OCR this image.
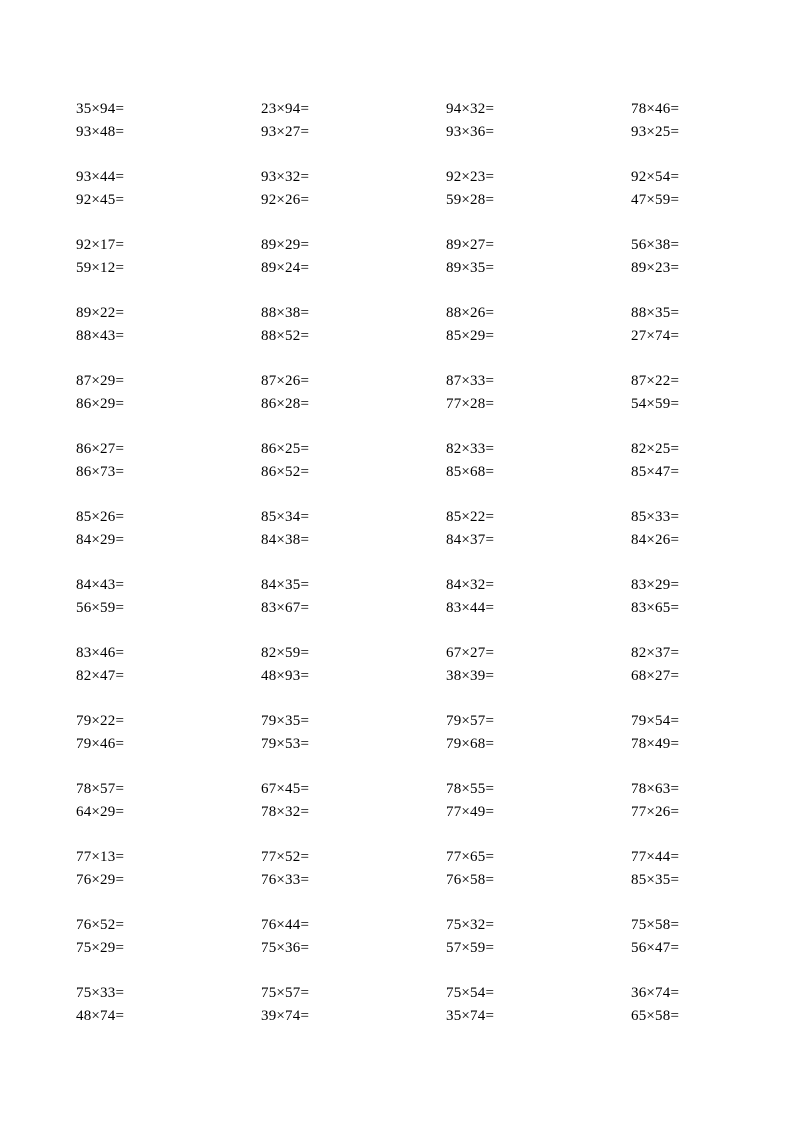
35×94=	23×94=	94×32=	78×46=
93×48=	93×27=	93×36=	93×25=
93×44=	93×32=	92×23=	92×54=
92×45=	92×26=	59×28=	47×59=
92×17=	89×29=	89×27=	56×38=
59×12=	89×24=	89×35=	89×23=
89×22=	88×38=	88×26=	88×35=
88×43=	88×52=	85×29=	27×74=
87×29=	87×26=	87×33=	87×22=
86×29=	86×28=	77×28=	54×59=
86×27=	86×25=	82×33=	82×25=
86×73=	86×52=	85×68=	85×47=
85×26=	85×34=	85×22=	85×33=
84×29=	84×38=	84×37=	84×26=
84×43=	84×35=	84×32=	83×29=
56×59=	83×67=	83×44=	83×65=
83×46=	82×59=	67×27=	82×37=
82×47=	48×93=	38×39=	68×27=
79×22=	79×35=	79×57=	79×54=
79×46=	79×53=	79×68=	78×49=
78×57=	67×45=	78×55=	78×63=
64×29=	78×32=	77×49=	77×26=
77×13=	77×52=	77×65=	77×44=
76×29=	76×33=	76×58=	85×35=
76×52=	76×44=	75×32=	75×58=
75×29=	75×36=	57×59=	56×47=
75×33=	75×57=	75×54=	36×74=
48×74=	39×74=	35×74=	65×58=
